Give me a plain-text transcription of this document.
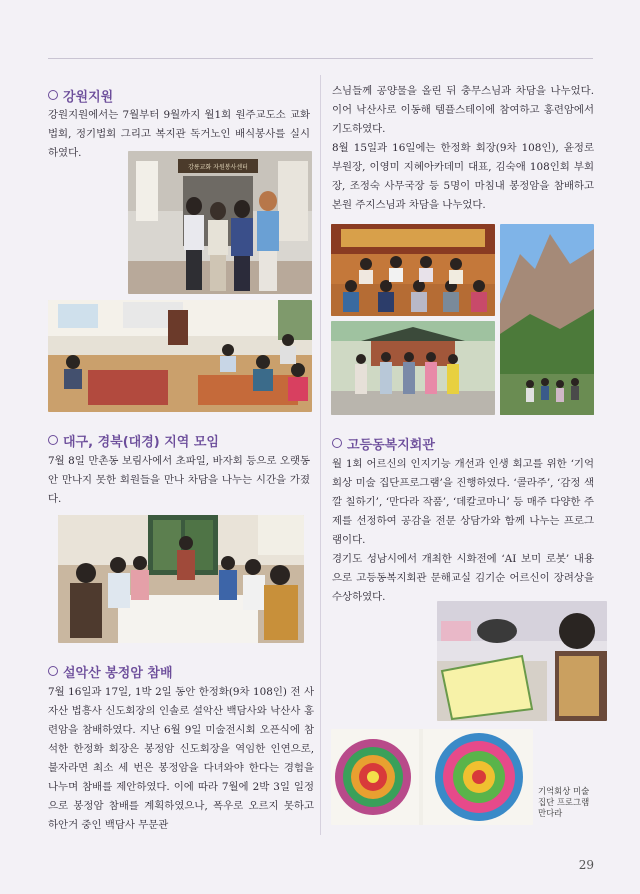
강원지원

강원지원에서는 7월부터 9월까지 월1회 원주교도소 교화 법회, 정기법회 그리고 복지관 독거노인 배식봉사를 실시하였다.

강릉교화 자원봉사센터
대구, 경북(대경) 지역 모임

7월 8일 만촌동 보림사에서 초파일, 바자회 등으로 오랫동안 만나지 못한 회원들을 만나 차담을 나누는 시간을 가졌다.

설악산 봉정암 참배

7월 16일과 17일, 1박 2일 동안 한정화(9차 108인) 전 사자산 법흥사 신도회장의 인솔로 설악산 백담사와 낙산사 홍련암을 참배하였다. 지난 6월 9일 미술전시회 오픈식에 참석한 한정화 회장은 봉정암 신도회장을 역임한 인연으로, 불자라면 최소 세 번은 봉정암을 다녀와야 한다는 경험을 나누며 참배를 제안하였다. 이에 따라 7월에 2박 3일 일정으로 봉정암 참배를 계획하였으나, 폭우로 오르지 못하고 하안거 중인 백담사 무문관

스님들께 공양물을 올린 뒤 충무스님과 차담을 나누었다. 이어 낙산사로 이동해 템플스테이에 참여하고 홍련암에서 기도하였다.

8월 15일과 16일에는 한정화 회장(9차 108인), 윤정로 부원장, 이영미 지혜아카데미 대표, 김숙애 108인회 부회장, 조정숙 사무국장 등 5명이 마침내 봉정암을 참배하고 본원 주지스님과 차담을 나누었다.

고등동복지회관

월 1회 어르신의 인지기능 개선과 인생 회고를 위한 ‘기억회상 미술 집단프로그램’을 진행하였다. ‘콜라주’, ‘감정 색깔 칠하기’, ‘만다라 작품’, ‘데칼코마니’ 등 매주 다양한 주제를 선정하여 공감을 전문 상담가와 함께 나누는 프로그램이다.

경기도 성남시에서 개최한 시화전에 ‘AI 보미 로봇’ 내용으로 고등동복지회관 문해교실 김기순 어르신이 장려상을 수상하였다.

기억회상 미술
집단 프로그램
만다라
29
